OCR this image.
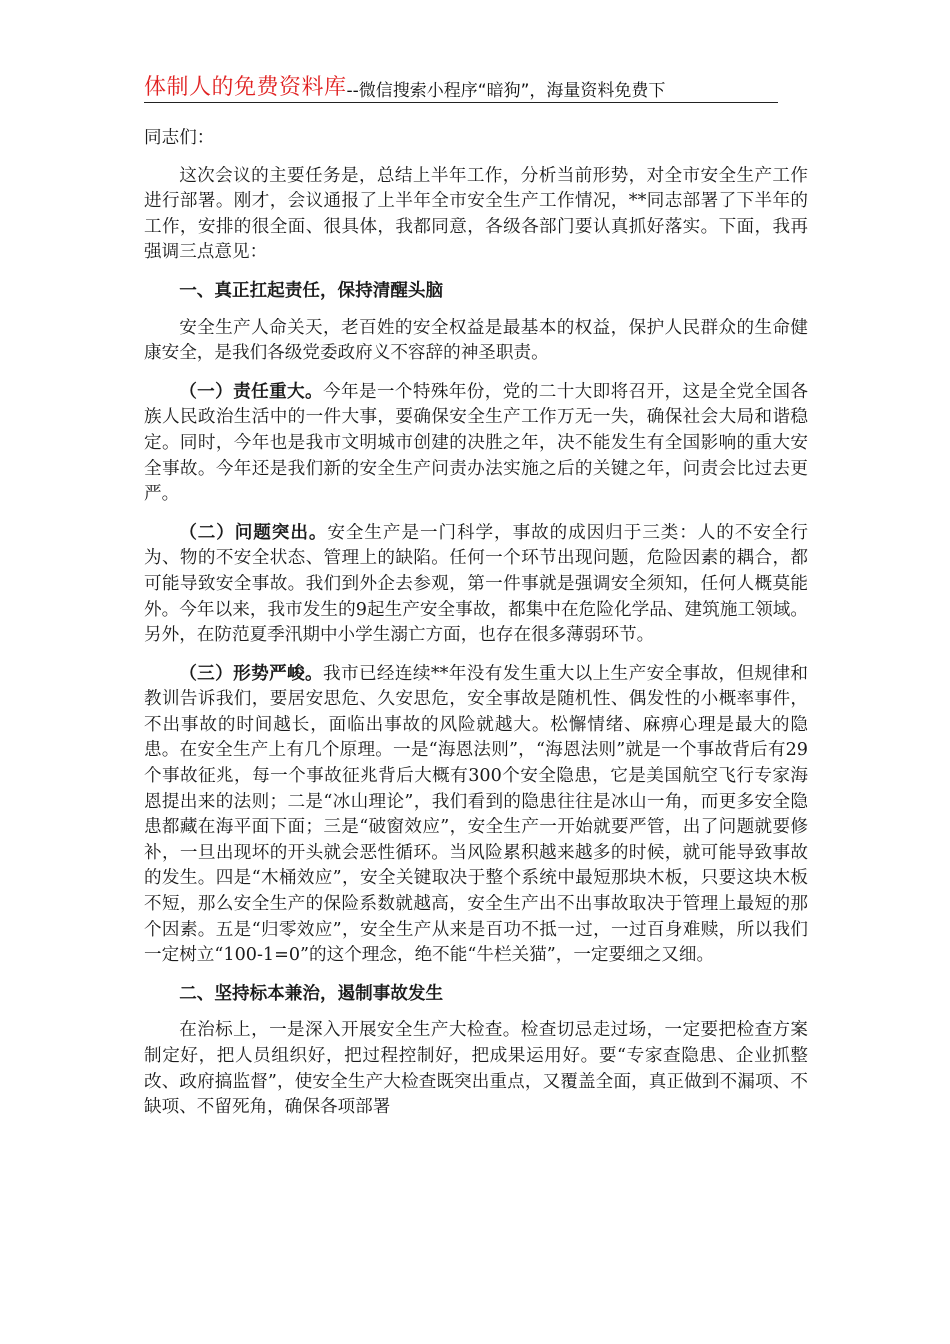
体制人的免费资料库--微信搜索小程序“暗狗”，海量资料免费下

同志们：

这次会议的主要任务是，总结上半年工作，分析当前形势，对全市安全生产工作进行部署。刚才，会议通报了上半年全市安全生产工作情况，**同志部署了下半年的工作，安排的很全面、很具体，我都同意，各级各部门要认真抓好落实。下面，我再强调三点意见：

一、真正扛起责任，保持清醒头脑

安全生产人命关天，老百姓的安全权益是最基本的权益，保护人民群众的生命健康安全，是我们各级党委政府义不容辞的神圣职责。

（一）责任重大。今年是一个特殊年份，党的二十大即将召开，这是全党全国各族人民政治生活中的一件大事，要确保安全生产工作万无一失，确保社会大局和谐稳定。同时，今年也是我市文明城市创建的决胜之年，决不能发生有全国影响的重大安全事故。今年还是我们新的安全生产问责办法实施之后的关键之年，问责会比过去更严。

（二）问题突出。安全生产是一门科学，事故的成因归于三类：人的不安全行为、物的不安全状态、管理上的缺陷。任何一个环节出现问题，危险因素的耦合，都可能导致安全事故。我们到外企去参观，第一件事就是强调安全须知，任何人概莫能外。今年以来，我市发生的9起生产安全事故，都集中在危险化学品、建筑施工领域。另外，在防范夏季汛期中小学生溺亡方面，也存在很多薄弱环节。

（三）形势严峻。我市已经连续**年没有发生重大以上生产安全事故，但规律和教训告诉我们，要居安思危、久安思危，安全事故是随机性、偶发性的小概率事件，不出事故的时间越长，面临出事故的风险就越大。松懈情绪、麻痹心理是最大的隐患。在安全生产上有几个原理。一是“海恩法则”，“海恩法则”就是一个事故背后有29个事故征兆，每一个事故征兆背后大概有300个安全隐患，它是美国航空飞行专家海恩提出来的法则；二是“冰山理论”，我们看到的隐患往往是冰山一角，而更多安全隐患都藏在海平面下面；三是“破窗效应”，安全生产一开始就要严管，出了问题就要修补，一旦出现坏的开头就会恶性循环。当风险累积越来越多的时候，就可能导致事故的发生。四是“木桶效应”，安全关键取决于整个系统中最短那块木板，只要这块木板不短，那么安全生产的保险系数就越高，安全生产出不出事故取决于管理上最短的那个因素。五是“归零效应”，安全生产从来是百功不抵一过，一过百身难赎，所以我们一定树立“100-1=0”的这个理念，绝不能“牛栏关猫”，一定要细之又细。

二、坚持标本兼治，遏制事故发生

在治标上，一是深入开展安全生产大检查。检查切忌走过场，一定要把检查方案制定好，把人员组织好，把过程控制好，把成果运用好。要“专家查隐患、企业抓整改、政府搞监督”，使安全生产大检查既突出重点，又覆盖全面，真正做到不漏项、不缺项、不留死角，确保各项部署
